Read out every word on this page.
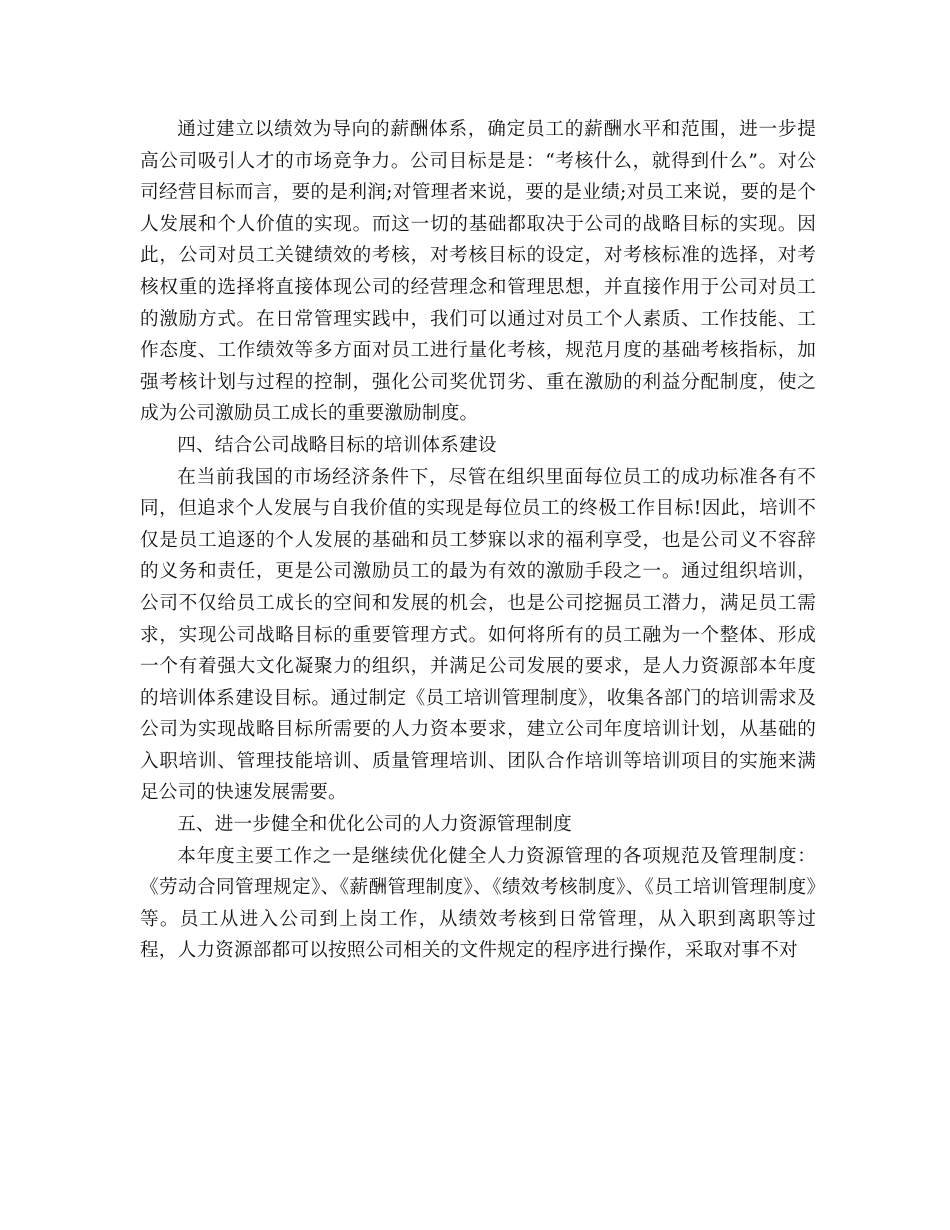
通过建立以绩效为导向的薪酬体系，确定员工的薪酬水平和范围，进一步提高公司吸引人才的市场竞争力。公司目标是是：“考核什么，就得到什么”。对公司经营目标而言，要的是利润;对管理者来说，要的是业绩;对员工来说，要的是个人发展和个人价值的实现。而这一切的基础都取决于公司的战略目标的实现。因此，公司对员工关键绩效的考核，对考核目标的设定，对考核标准的选择，对考核权重的选择将直接体现公司的经营理念和管理思想，并直接作用于公司对员工的激励方式。在日常管理实践中，我们可以通过对员工个人素质、工作技能、工作态度、工作绩效等多方面对员工进行量化考核，规范月度的基础考核指标，加强考核计划与过程的控制，强化公司奖优罚劣、重在激励的利益分配制度，使之成为公司激励员工成长的重要激励制度。

四、结合公司战略目标的培训体系建设

在当前我国的市场经济条件下，尽管在组织里面每位员工的成功标准各有不同，但追求个人发展与自我价值的实现是每位员工的终极工作目标!因此，培训不仅是员工追逐的个人发展的基础和员工梦寐以求的福利享受，也是公司义不容辞的义务和责任，更是公司激励员工的最为有效的激励手段之一。通过组织培训，公司不仅给员工成长的空间和发展的机会，也是公司挖掘员工潜力，满足员工需求，实现公司战略目标的重要管理方式。如何将所有的员工融为一个整体、形成一个有着强大文化凝聚力的组织，并满足公司发展的要求，是人力资源部本年度的培训体系建设目标。通过制定《员工培训管理制度》，收集各部门的培训需求及公司为实现战略目标所需要的人力资本要求，建立公司年度培训计划，从基础的入职培训、管理技能培训、质量管理培训、团队合作培训等培训项目的实施来满足公司的快速发展需要。

五、进一步健全和优化公司的人力资源管理制度

本年度主要工作之一是继续优化健全人力资源管理的各项规范及管理制度：《劳动合同管理规定》、《薪酬管理制度》、《绩效考核制度》、《员工培训管理制度》等。员工从进入公司到上岗工作，从绩效考核到日常管理，从入职到离职等过程，人力资源部都可以按照公司相关的文件规定的程序进行操作，采取对事不对
